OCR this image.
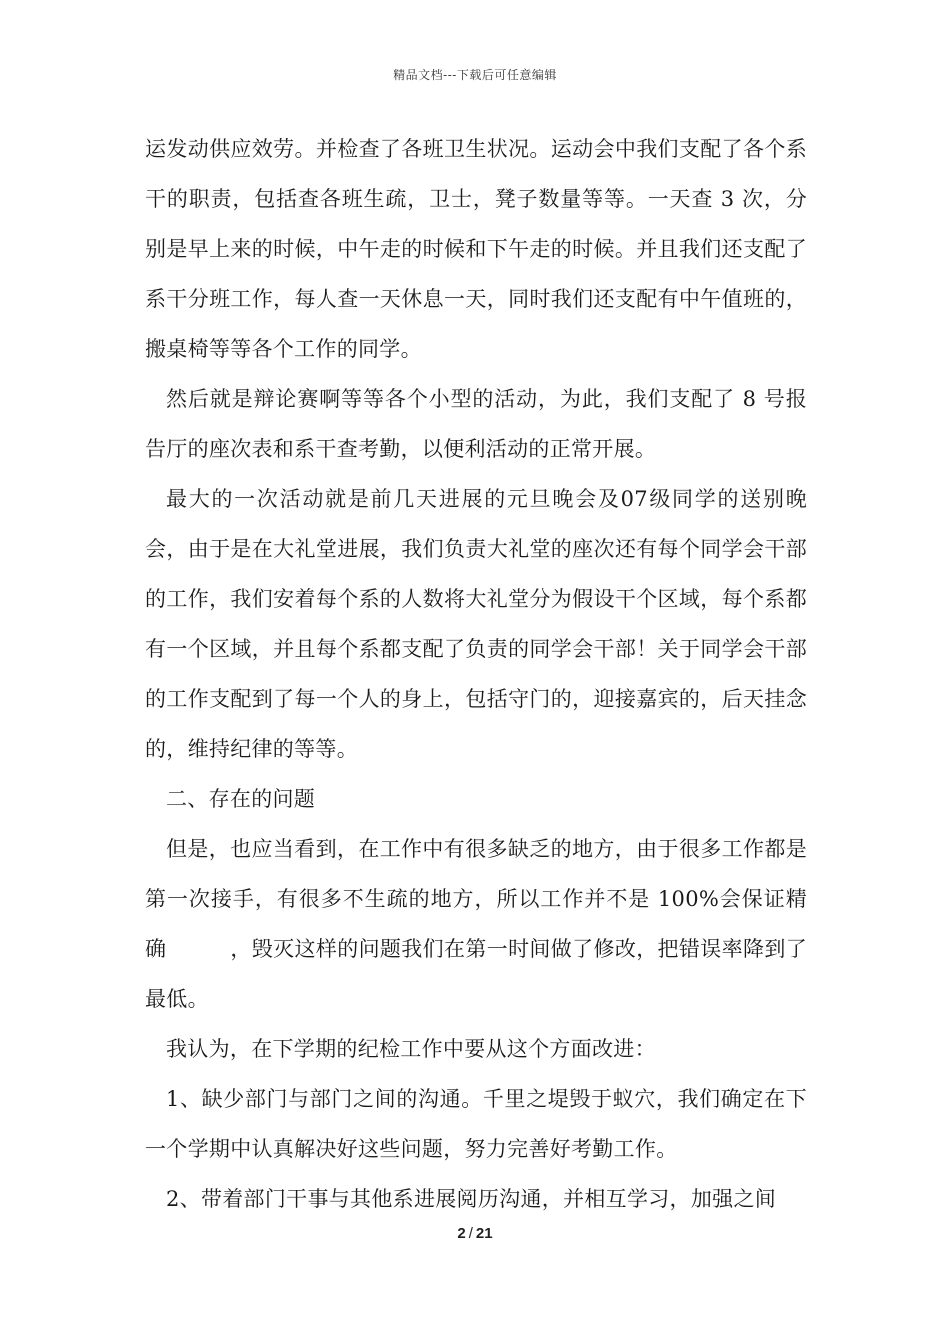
精品文档---下载后可任意编辑

运发动供应效劳。并检查了各班卫生状况。运动会中我们支配了各个系干的职责，包括查各班生疏，卫士，凳子数量等等。一天查 3 次，分别是早上来的时候，中午走的时候和下午走的时候。并且我们还支配了系干分班工作，每人查一天休息一天，同时我们还支配有中午值班的，搬桌椅等等各个工作的同学。

然后就是辩论赛啊等等各个小型的活动，为此，我们支配了 8 号报告厅的座次表和系干查考勤，以便利活动的正常开展。

最大的一次活动就是前几天进展的元旦晚会及07级同学的送别晚会，由于是在大礼堂进展，我们负责大礼堂的座次还有每个同学会干部的工作，我们安着每个系的人数将大礼堂分为假设干个区域，每个系都有一个区域，并且每个系都支配了负责的同学会干部！关于同学会干部的工作支配到了每一个人的身上，包括守门的，迎接嘉宾的，后天挂念的，维持纪律的等等。

二、存在的问题

但是，也应当看到，在工作中有很多缺乏的地方，由于很多工作都是第一次接手，有很多不生疏的地方，所以工作并不是 100%会保证精确　　　，毁灭这样的问题我们在第一时间做了修改，把错误率降到了最低。

我认为，在下学期的纪检工作中要从这个方面改进：

1、缺少部门与部门之间的沟通。千里之堤毁于蚁穴，我们确定在下一个学期中认真解决好这些问题，努力完善好考勤工作。

2、带着部门干事与其他系进展阅历沟通，并相互学习，加强之间

2 / 21
